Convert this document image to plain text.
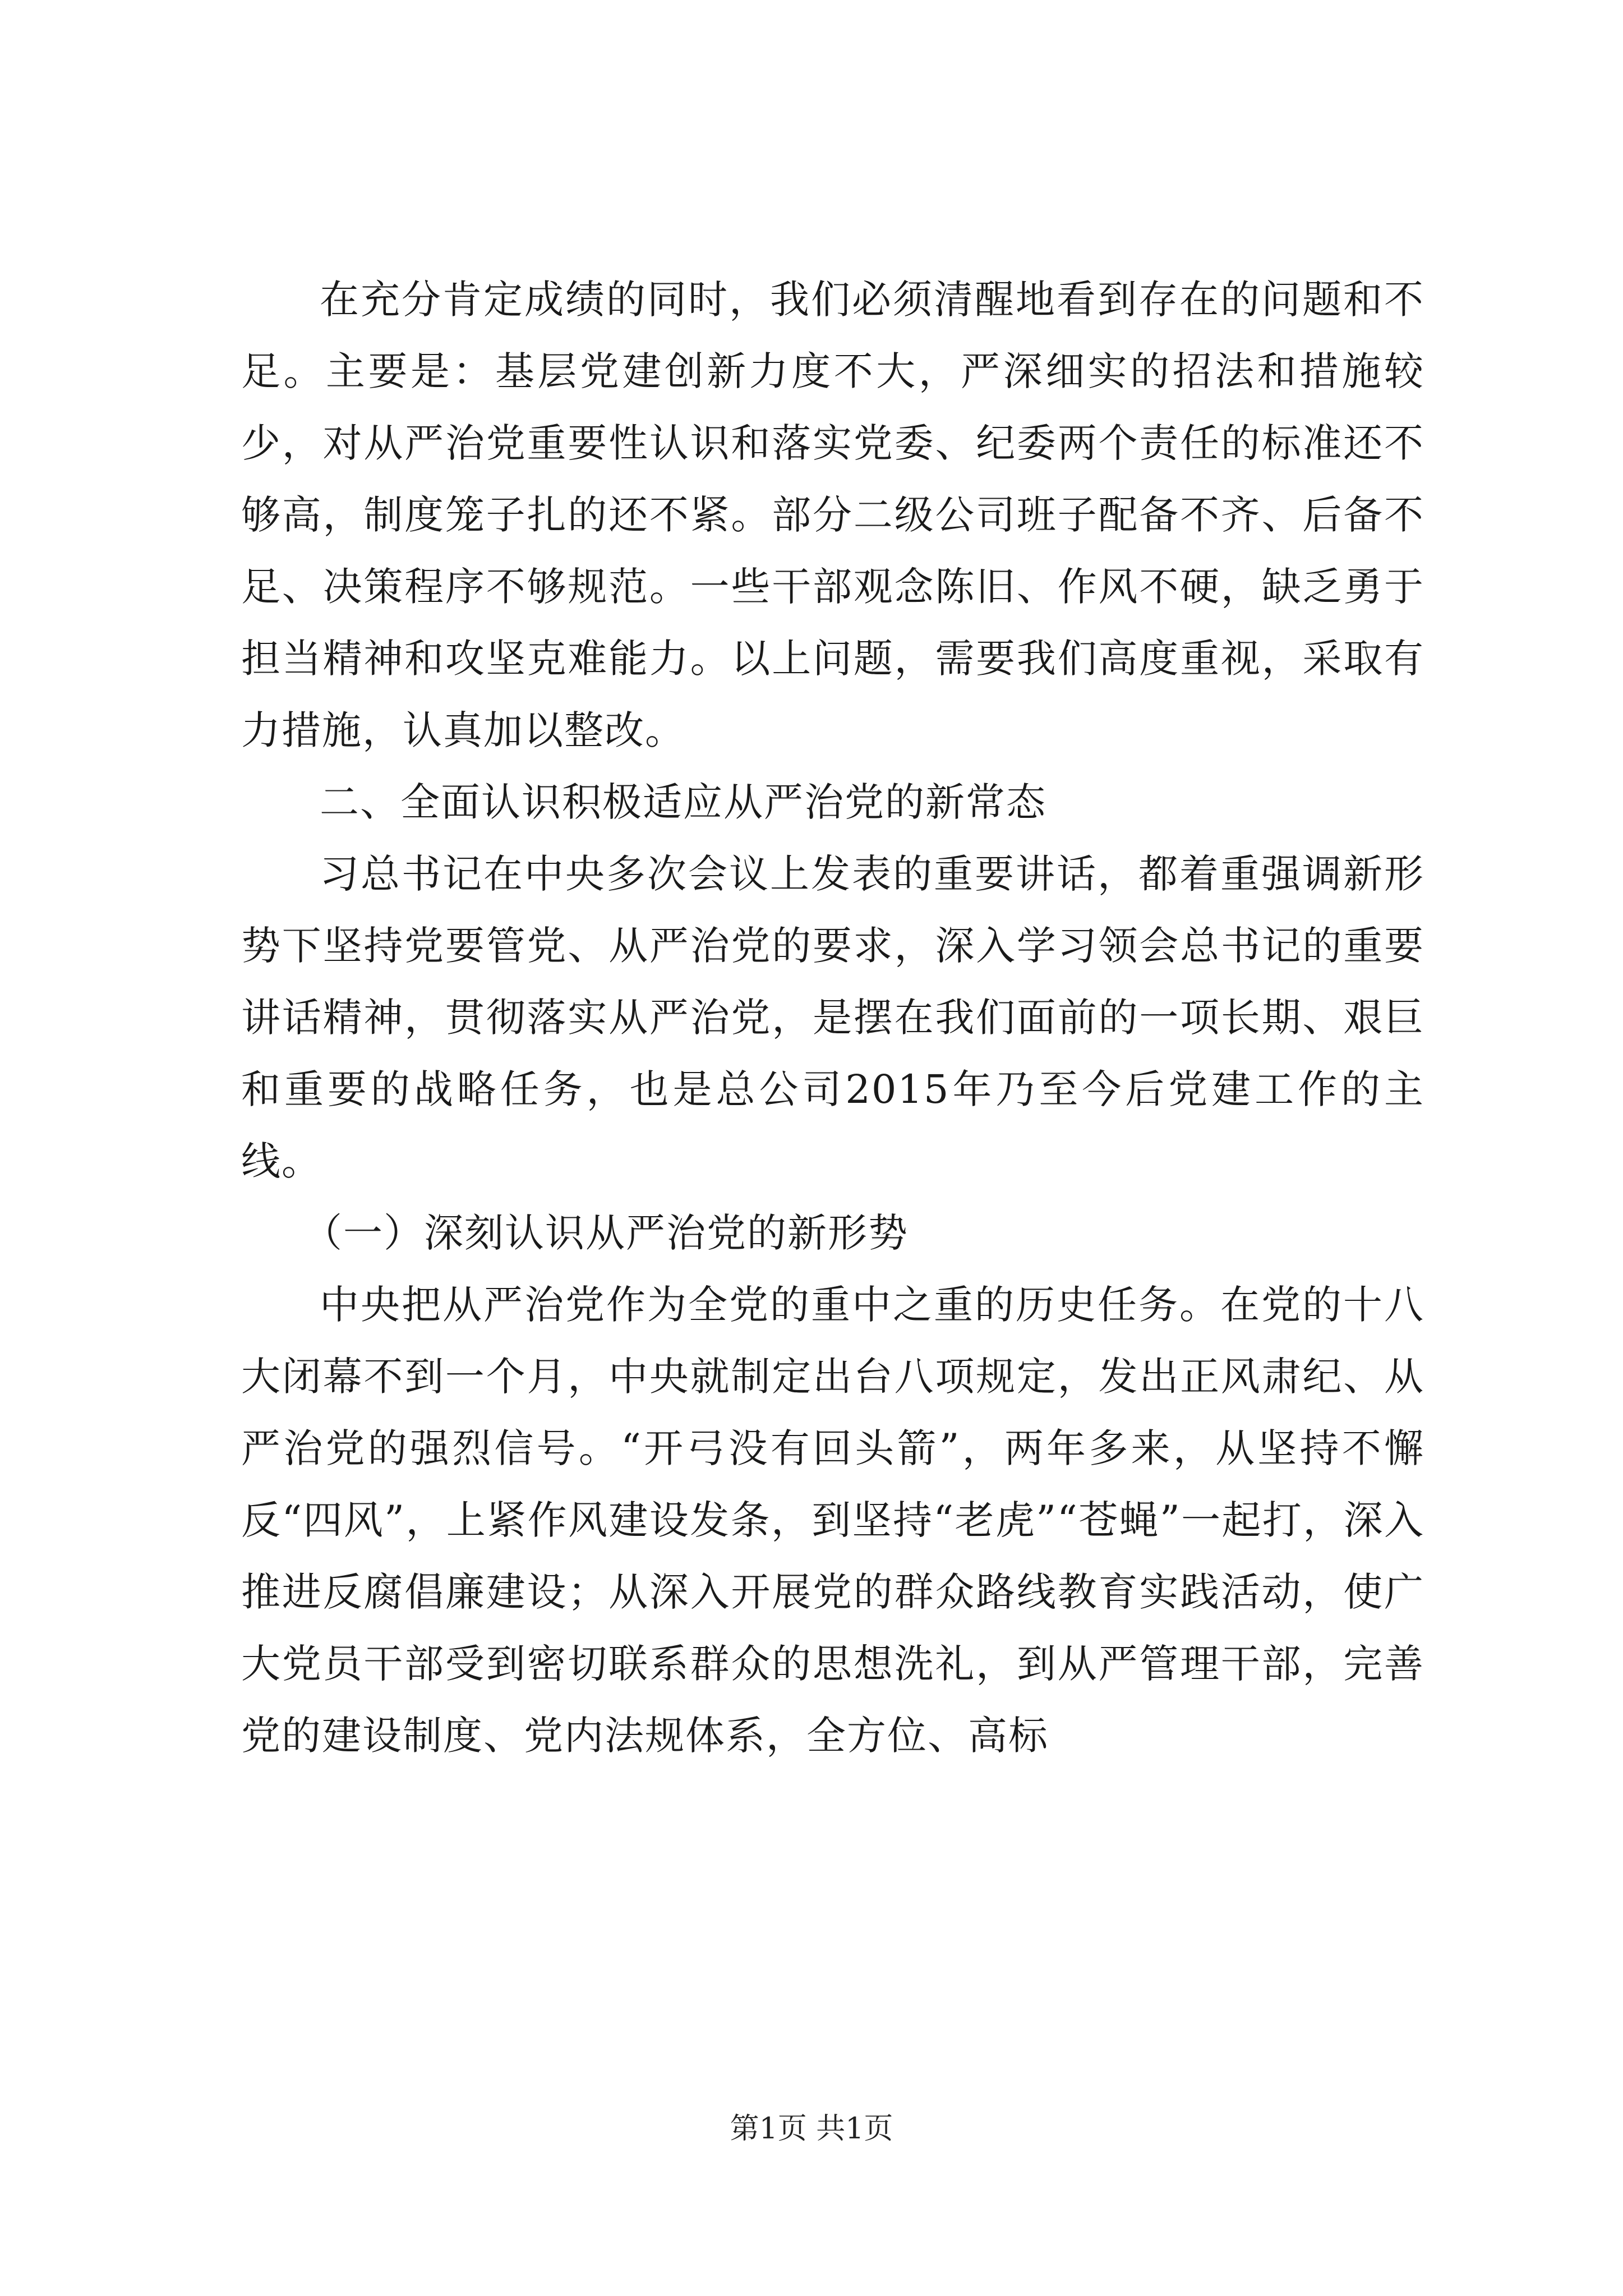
在充分肯定成绩的同时，我们必须清醒地看到存在的问题和不足。主要是：基层党建创新力度不大，严深细实的招法和措施较少，对从严治党重要性认识和落实党委、纪委两个责任的标准还不够高，制度笼子扎的还不紧。部分二级公司班子配备不齐、后备不足、决策程序不够规范。一些干部观念陈旧、作风不硬，缺乏勇于担当精神和攻坚克难能力。以上问题，需要我们高度重视，采取有力措施，认真加以整改。

二、全面认识积极适应从严治党的新常态

习总书记在中央多次会议上发表的重要讲话，都着重强调新形势下坚持党要管党、从严治党的要求，深入学习领会总书记的重要讲话精神，贯彻落实从严治党，是摆在我们面前的一项长期、艰巨和重要的战略任务，也是总公司2015年乃至今后党建工作的主线。

（一）深刻认识从严治党的新形势

中央把从严治党作为全党的重中之重的历史任务。在党的十八大闭幕不到一个月，中央就制定出台八项规定，发出正风肃纪、从严治党的强烈信号。“开弓没有回头箭”，两年多来，从坚持不懈反“四风”，上紧作风建设发条，到坚持“老虎”“苍蝇”一起打，深入推进反腐倡廉建设；从深入开展党的群众路线教育实践活动，使广大党员干部受到密切联系群众的思想洗礼，到从严管理干部，完善党的建设制度、党内法规体系，全方位、高标

第1页 共1页
